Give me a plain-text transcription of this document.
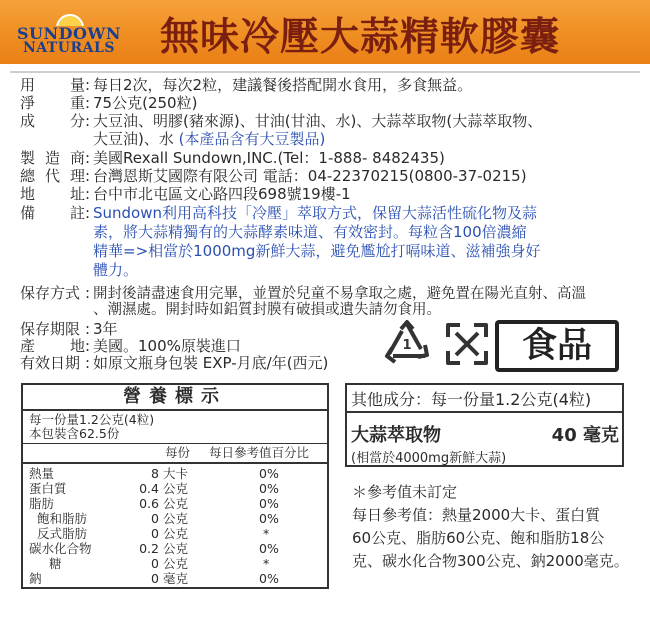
SUNDOWN
NATURALS	無味冷壓大蒜精軟膠囊
用 量 : 每日2次，每次2粒，建議餐後搭配開水食用，多食無益。
淨 重 : 75公克(250粒)
成 分 : 大豆油、明膠(豬來源)、甘油(甘油、水)、大蒜萃取物(大蒜萃取物、
大豆油)、水 (本產品含有大豆製品)
製 造 商 : 美國Rexall Sundown,INC.(Tel：1-888- 8482435)
總 代 理 : 台灣恩斯艾國際有限公司 電話：04-22370215(0800-37-0215)
地 址 : 台中市北屯區文心路四段698號19樓-1
備 註 : Sundown利用高科技「冷壓」萃取方式，保留大蒜活性硫化物及蒜
素，將大蒜精獨有的大蒜酵素味道、有效密封。每粒含100倍濃縮
精華=>相當於1000mg新鮮大蒜，避免尷尬打嗝味道、滋補強身好
體力。
保存方式 : 開封後請盡速食用完畢，並置於兒童不易拿取之處，避免置在陽光直射、高溫
、潮濕處。開封時如鋁質封膜有破損或遺失請勿食用。
保存期限 : 3年
產 地 : 美國。100%原裝進口
有效日期 : 如原文瓶身包裝 EXP-月底/年(西元)
1	食品
營養標示
每一份量1.2公克(4粒)
本包裝含62.5份
每份 每日參考值百分比
熱量	8 大卡	0%
蛋白質	0.4 公克	0%
脂肪	0.6 公克	0%
飽和脂肪	0 公克	0%
反式脂肪	0 公克	*
碳水化合物	0.2 公克	0%
糖	0 公克	*
鈉	0 毫克	0%
其他成分：每一份量1.2公克(4粒)
大蒜萃取物	40 毫克
(相當於4000mg新鮮大蒜)
＊參考值未訂定
每日參考值：熱量2000大卡、蛋白質
60公克、脂肪60公克、飽和脂肪18公
克、碳水化合物300公克、鈉2000毫克。
